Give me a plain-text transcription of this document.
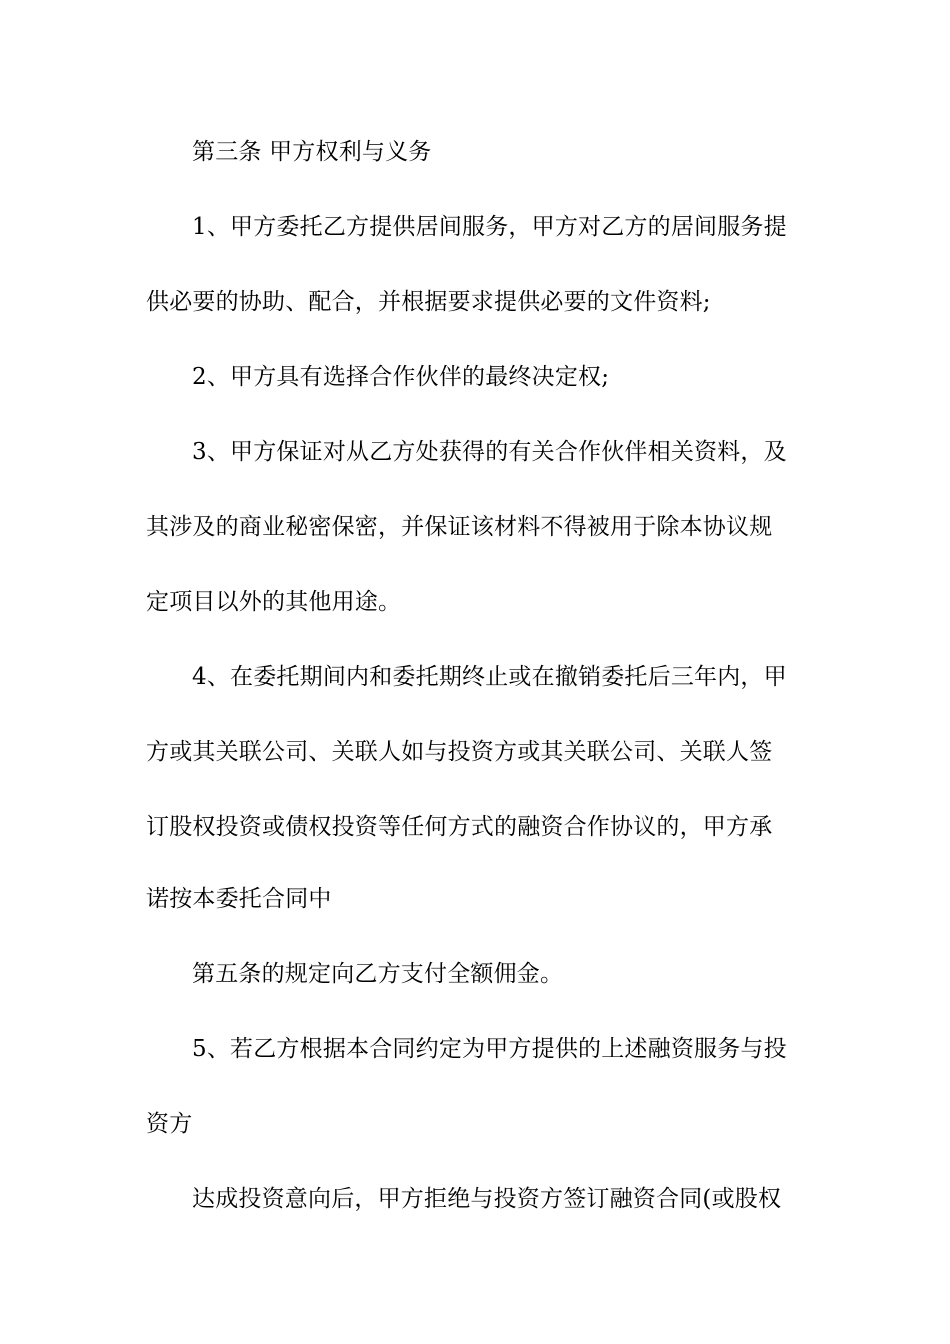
第三条 甲方权利与义务
1、甲方委托乙方提供居间服务，甲方对乙方的居间服务提
供必要的协助、配合，并根据要求提供必要的文件资料;
2、甲方具有选择合作伙伴的最终决定权;
3、甲方保证对从乙方处获得的有关合作伙伴相关资料，及
其涉及的商业秘密保密，并保证该材料不得被用于除本协议规
定项目以外的其他用途。
4、在委托期间内和委托期终止或在撤销委托后三年内，甲
方或其关联公司、关联人如与投资方或其关联公司、关联人签
订股权投资或债权投资等任何方式的融资合作协议的，甲方承
诺按本委托合同中
第五条的规定向乙方支付全额佣金。
5、若乙方根据本合同约定为甲方提供的上述融资服务与投
资方
达成投资意向后，甲方拒绝与投资方签订融资合同(或股权
